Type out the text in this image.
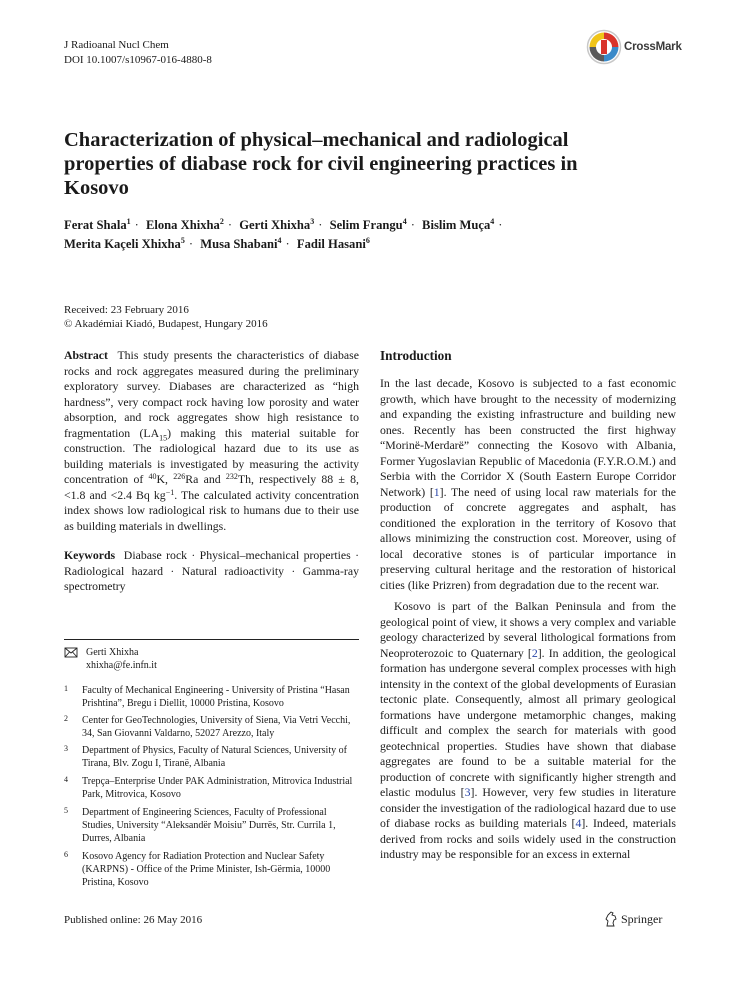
J Radioanal Nucl Chem
DOI 10.1007/s10967-016-4880-8
CrossMark
Characterization of physical–mechanical and radiological properties of diabase rock for civil engineering practices in Kosovo
Ferat Shala$^1$ · Elona Xhixha$^2$ · Gerti Xhixha$^3$ · Selim Frangu$^4$ · Bislim Muça$^4$ ·
Merita Kaçeli Xhixha$^5$ · Musa Shabani$^4$ · Fadil Hasani$^6$
Received: 23 February 2016
© Akadémiai Kiadó, Budapest, Hungary 2016
Abstract This study presents the characteristics of diabase rocks and rock aggregates measured during the preliminary exploratory survey. Diabases are characterized as “high hardness”, very compact rock having low porosity and water absorption, and rock aggregates show high resistance to fragmentation $(LA_{15})$ making this material suitable for construction. The radiological hazard due to its use as building materials is investigated by measuring the activity concentration of $^{40}$K, $^{226}$Ra and $^{232}$Th, respectively 88 ± 8, <1.8 and <2.4 Bq $kg^{-1}$. The calculated activity concentration index shows low radiological risk to humans due to their use as building materials in dwellings.
Keywords Diabase rock · Physical–mechanical properties · Radiological hazard · Natural radioactivity · Gamma-ray spectrometry
Gerti Xhixha
xhixha@fe.infn.it
1	Faculty of Mechanical Engineering - University of Pristina “Hasan Prishtina”, Bregu i Diellit, 10000 Pristina, Kosovo
2	Center for GeoTechnologies, University of Siena, Via Vetri Vecchi, 34, San Giovanni Valdarno, 52027 Arezzo, Italy
3	Department of Physics, Faculty of Natural Sciences, University of Tirana, Blv. Zogu I, Tiranë, Albania
4	Trepça–Enterprise Under PAK Administration, Mitrovica Industrial Park, Mitrovica, Kosovo
5	Department of Engineering Sciences, Faculty of Professional Studies, University “Aleksandër Moisiu” Durrës, Str. Currila 1, Durres, Albania
6	Kosovo Agency for Radiation Protection and Nuclear Safety (KARPNS) - Office of the Prime Minister, Ish-Gërmia, 10000 Pristina, Kosovo
Introduction

In the last decade, Kosovo is subjected to a fast economic growth, which have brought to the necessity of modernizing and expanding the existing infrastructure and building new ones. Recently has been constructed the first highway “Morinë-Merdarë” connecting the Kosovo with Albania, Former Yugoslavian Republic of Macedonia (F.Y.R.O.M.) and Serbia with the Corridor X (South Eastern Europe Corridor Network) [1]. The need of using local raw materials for the production of concrete aggregates and asphalt, has conditioned the exploration in the territory of Kosovo that allows minimizing the construction cost. Moreover, using of local decorative stones is of particular importance in preserving cultural heritage and the restoration of historical cities (like Prizren) from degradation due to the recent war.

Kosovo is part of the Balkan Peninsula and from the geological point of view, it shows a very complex and variable geology characterized by several lithological formations from Neoproterozoic to Quaternary [2]. In addition, the geological formation has undergone several complex processes with high intensity in the context of the global developments of Eurasian tectonic plate. Consequently, almost all primary geological formations have undergone metamorphic changes, making difficult and complex the search for materials with good geotechnical properties. Studies have shown that diabase aggregates are found to be a suitable material for the production of concrete with significantly higher strength and elastic modulus [3]. However, very few studies in literature consider the investigation of the radiological hazard due to use of diabase rocks as building materials [4]. Indeed, materials derived from rocks and soils widely used in the construction industry may be responsible for an excess in external

Published online: 26 May 2016	Springer
